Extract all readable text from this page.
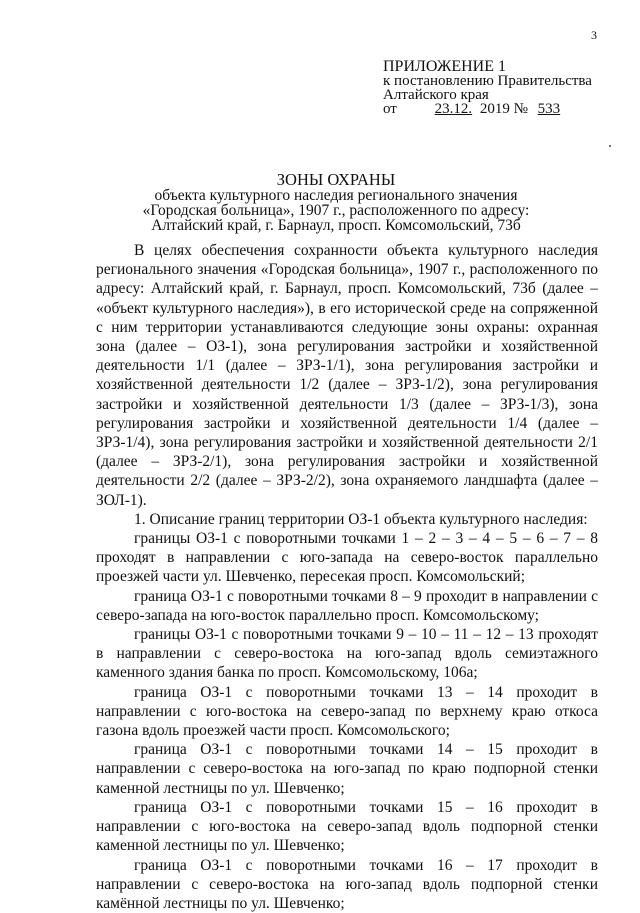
3
ПРИЛОЖЕНИЕ 1
к постановлению Правительства
Алтайского края
от	23.12. 2019 № 533
ЗОНЫ ОХРАНЫ
объекта культурного наследия регионального значения
«Городская больница», 1907 г., расположенного по адресу:
Алтайский край, г. Барнаул, просп. Комсомольский, 73б

В целях обеспечения сохранности объекта культурного наследия регионального значения «Городская больница», 1907 г., расположенного по адресу: Алтайский край, г. Барнаул, просп. Комсомольский, 73б (далее – «объект культурного наследия»), в его исторической среде на сопряженной с ним территории устанавливаются следующие зоны охраны: охранная зона (далее – ОЗ-1), зона регулирования застройки и хозяйственной деятельности 1/1 (далее – ЗРЗ-1/1), зона регулирования застройки и хозяйственной деятельности 1/2 (далее – ЗРЗ-1/2), зона регулирования застройки и хозяйственной деятельности 1/3 (далее – ЗРЗ-1/3), зона регулирования застройки и хозяйственной деятельности 1/4 (далее – ЗРЗ-1/4), зона регулирования застройки и хозяйственной деятельности 2/1 (далее – ЗРЗ-2/1), зона регулирования застройки и хозяйственной деятельности 2/2 (далее – ЗРЗ-2/2), зона охраняемого ландшафта (далее – ЗОЛ-1).

1. Описание границ территории ОЗ-1 объекта культурного наследия:

границы ОЗ-1 с поворотными точками 1 – 2 – 3 – 4 – 5 – 6 – 7 – 8 проходят в направлении с юго-запада на северо-восток параллельно проезжей части ул. Шевченко, пересекая просп. Комсомольский;

граница ОЗ-1 с поворотными точками 8 – 9 проходит в направлении с северо-запада на юго-восток параллельно просп. Комсомольскому;

границы ОЗ-1 с поворотными точками 9 – 10 – 11 – 12 – 13 проходят в направлении с северо-востока на юго-запад вдоль семиэтажного каменного здания банка по просп. Комсомольскому, 106а;

граница ОЗ-1 с поворотными точками 13 – 14 проходит в направлении с юго-востока на северо-запад по верхнему краю откоса газона вдоль проезжей части просп. Комсомольского;

граница ОЗ-1 с поворотными точками 14 – 15 проходит в направлении с северо-востока на юго-запад по краю подпорной стенки каменной лестницы по ул. Шевченко;

граница ОЗ-1 с поворотными точками 15 – 16 проходит в направлении с юго-востока на северо-запад вдоль подпорной стенки каменной лестницы по ул. Шевченко;

граница ОЗ-1 с поворотными точками 16 – 17 проходит в направлении с северо-востока на юго-запад вдоль подпорной стенки камённой лестницы по ул. Шевченко;
